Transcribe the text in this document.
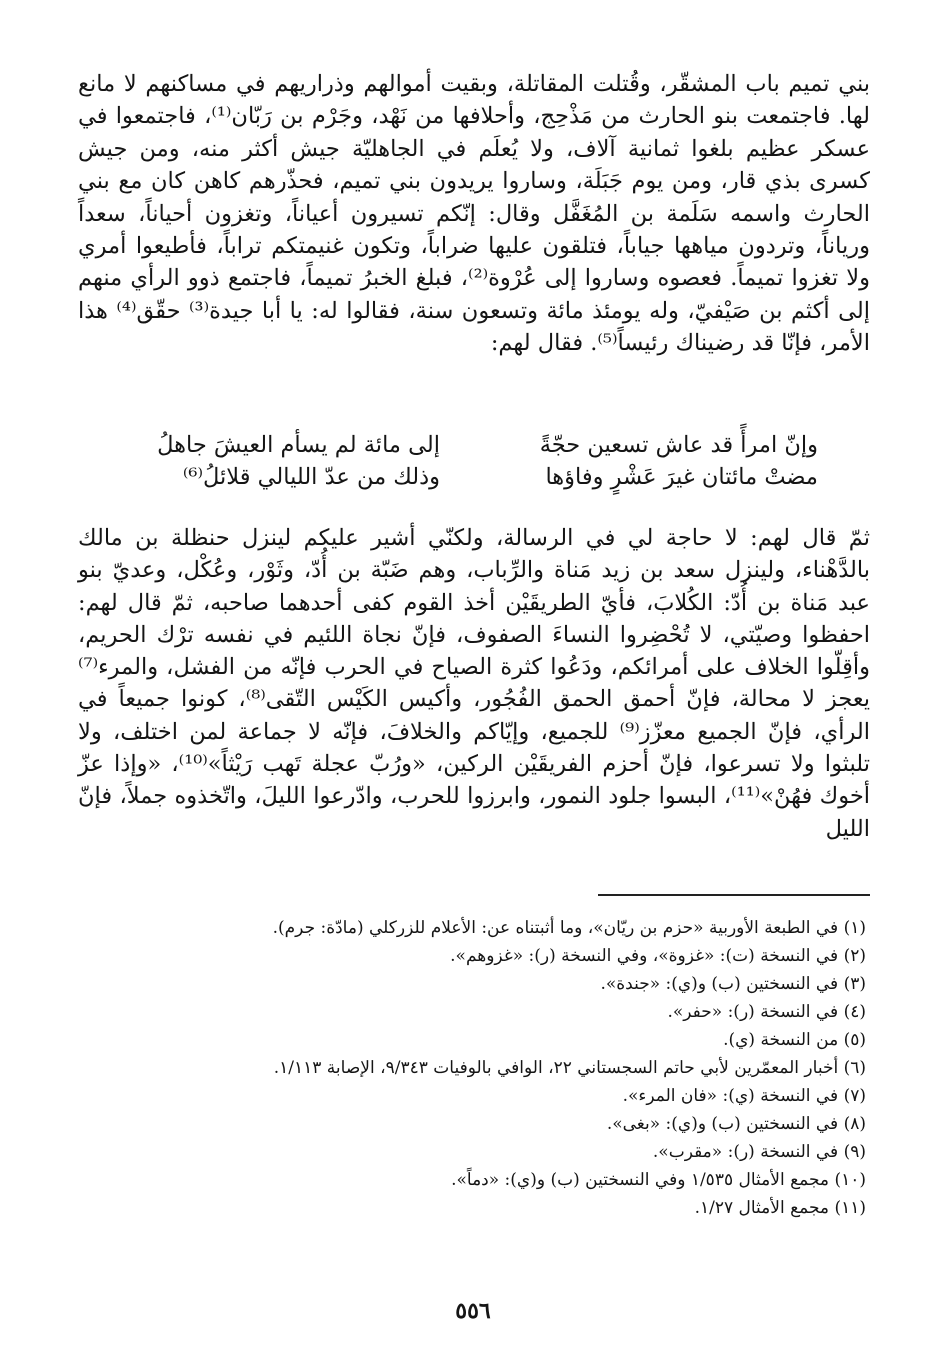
بني تميم باب المشقّر، وقُتلت المقاتلة، وبقيت أموالهم وذراريهم في مساكنهم لا مانع لها. فاجتمعت بنو الحارث من مَذْحِج، وأحلافها من نَهْد، وجَرْم بن رَبّان⁽¹⁾، فاجتمعوا في عسكر عظيم بلغوا ثمانية آلاف، ولا يُعلَم في الجاهليّة جيش أكثر منه، ومن جيش كسرى بذي قار، ومن يوم جَبَلَة، وساروا يريدون بني تميم، فحذّرهم كاهن كان مع بني الحارث واسمه سَلَمة بن المُغَفَّل وقال: إنّكم تسيرون أعياناً، وتغزون أحياناً، سعداً ورياناً، وتردون مياهها جياباً، فتلقون عليها ضراباً، وتكون غنيمتكم تراباً، فأطيعوا أمري ولا تغزوا تميماً. فعصوه وساروا إلى عُرْوة⁽²⁾، فبلغ الخبرُ تميماً، فاجتمع ذوو الرأي منهم إلى أكثم بن صَيْفيّ، وله يومئذ مائة وتسعون سنة، فقالوا له: يا أبا جيدة⁽³⁾ حقّق⁽⁴⁾ هذا الأمر، فإنّا قد رضيناك رئيساً⁽⁵⁾. فقال لهم:

وإنّ امرأً قد عاش تسعين حجّةً
إلى مائة لم يسأم العيشَ جاهلُ
مضتْ مائتان غيرَ عَشْرٍ وفاؤها
وذلك من عدّ الليالي قلائلُ⁽⁶⁾

ثمّ قال لهم: لا حاجة لي في الرسالة، ولكنّي أشير عليكم لينزل حنظلة بن مالك بالدَّهْناء، ولينزل سعد بن زيد مَناة والرِّباب، وهم ضَبّة بن أُدّ، وثَوْر، وعُكْل، وعديّ بنو عبد مَناة بن أُدّ: الكُلابَ، فأيّ الطريقَيْن أخذ القوم كفى أحدهما صاحبه، ثمّ قال لهم: احفظوا وصيّتي، لا تُحْضِروا النساءَ الصفوف، فإنّ نجاة اللئيم في نفسه ترْك الحريم، وأقِلّوا الخلاف على أمرائكم، ودَعُوا كثرة الصياح في الحرب فإنّه من الفشل، والمرء⁽⁷⁾ يعجز لا محالة، فإنّ أحمق الحمق الفُجُور، وأكيس الكَيْس التّقى⁽⁸⁾، كونوا جميعاً في الرأي، فإنّ الجميع معزّز⁽⁹⁾ للجميع، وإيّاكم والخلافَ، فإنّه لا جماعة لمن اختلف، ولا تلبثوا ولا تسرعوا، فإنّ أحزم الفريقَيْن الركين، «ورُبّ عجلة تَهب رَيْثاً»⁽¹⁰⁾، «وإذا عزّ أخوك فهُنْ»⁽¹¹⁾، البسوا جلود النمور، وابرزوا للحرب، وادّرعوا الليلَ، واتّخذوه جملاً، فإنّ الليل

(١) في الطبعة الأوربية «حزم بن ريّان»، وما أثبتناه عن: الأعلام للزركلي (مادّة: جرم).
(٢) في النسخة (ت): «غزوة»، وفي النسخة (ر): «غزوهم».
(٣) في النسختين (ب) و(ي): «جندة».
(٤) في النسخة (ر): «حفر».
(٥) من النسخة (ي).
(٦) أخبار المعمّرين لأبي حاتم السجستاني ٢٢، الوافي بالوفيات ٩/٣٤٣، الإصابة ١/١١٣.
(٧) في النسخة (ي): «فان المرء».
(٨) في النسختين (ب) و(ي): «بغى».
(٩) في النسخة (ر): «مقرب».
(١٠) مجمع الأمثال ١/٥٣٥ وفي النسختين (ب) و(ي): «دماً».
(١١) مجمع الأمثال ١/٢٧.
٥٥٦
